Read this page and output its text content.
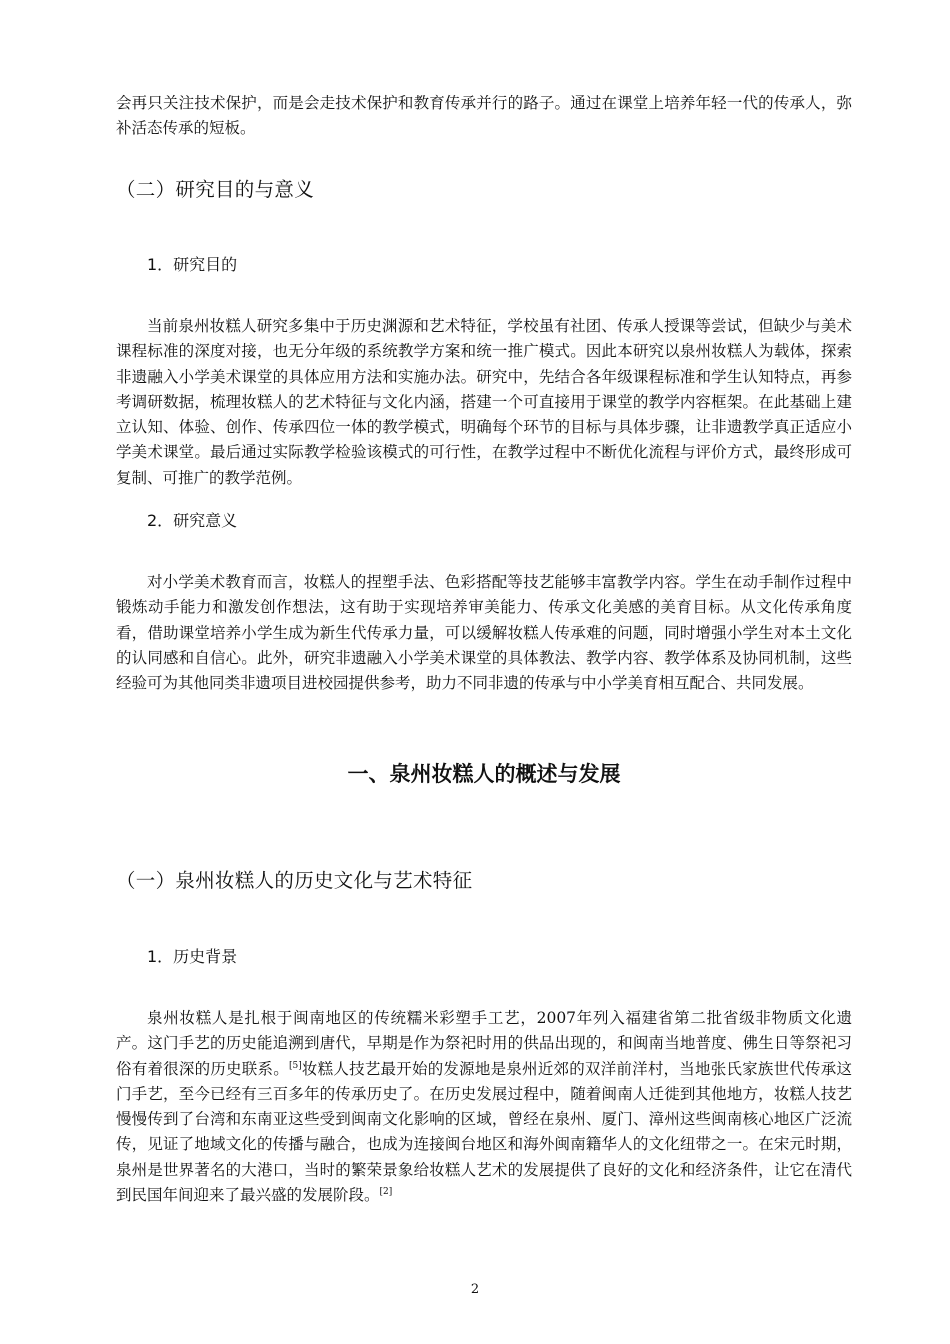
会再只关注技术保护，而是会走技术保护和教育传承并行的路子。通过在课堂上培养年轻一代的传承人，弥补活态传承的短板。

（二）研究目的与意义
1．研究目的

当前泉州妆糕人研究多集中于历史渊源和艺术特征，学校虽有社团、传承人授课等尝试，但缺少与美术课程标准的深度对接，也无分年级的系统教学方案和统一推广模式。因此本研究以泉州妆糕人为载体，探索非遗融入小学美术课堂的具体应用方法和实施办法。研究中，先结合各年级课程标准和学生认知特点，再参考调研数据，梳理妆糕人的艺术特征与文化内涵，搭建一个可直接用于课堂的教学内容框架。在此基础上建立认知、体验、创作、传承四位一体的教学模式，明确每个环节的目标与具体步骤，让非遗教学真正适应小学美术课堂。最后通过实际教学检验该模式的可行性，在教学过程中不断优化流程与评价方式，最终形成可复制、可推广的教学范例。

2．研究意义

对小学美术教育而言，妆糕人的捏塑手法、色彩搭配等技艺能够丰富教学内容。学生在动手制作过程中锻炼动手能力和激发创作想法，这有助于实现培养审美能力、传承文化美感的美育目标。从文化传承角度看，借助课堂培养小学生成为新生代传承力量，可以缓解妆糕人传承难的问题，同时增强小学生对本土文化的认同感和自信心。此外，研究非遗融入小学美术课堂的具体教法、教学内容、教学体系及协同机制，这些经验可为其他同类非遗项目进校园提供参考，助力不同非遗的传承与中小学美育相互配合、共同发展。

一、泉州妆糕人的概述与发展
（一）泉州妆糕人的历史文化与艺术特征
1．历史背景

泉州妆糕人是扎根于闽南地区的传统糯米彩塑手工艺，2007年列入福建省第二批省级非物质文化遗产。这门手艺的历史能追溯到唐代，早期是作为祭祀时用的供品出现的，和闽南当地普度、佛生日等祭祀习俗有着很深的历史联系。[5]妆糕人技艺最开始的发源地是泉州近郊的双洋前洋村，当地张氏家族世代传承这门手艺，至今已经有三百多年的传承历史了。在历史发展过程中，随着闽南人迁徙到其他地方，妆糕人技艺慢慢传到了台湾和东南亚这些受到闽南文化影响的区域，曾经在泉州、厦门、漳州这些闽南核心地区广泛流传，见证了地域文化的传播与融合，也成为连接闽台地区和海外闽南籍华人的文化纽带之一。在宋元时期，泉州是世界著名的大港口，当时的繁荣景象给妆糕人艺术的发展提供了良好的文化和经济条件，让它在清代到民国年间迎来了最兴盛的发展阶段。[2]

2
